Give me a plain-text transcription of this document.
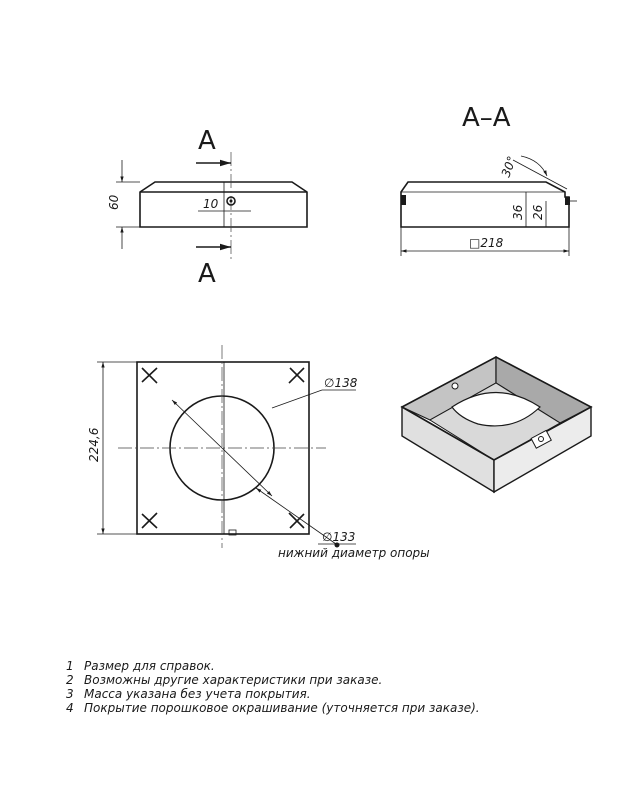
A
A
10
60
A–A
30°
36 26
□218
∅138
∅133
нижний диаметр опоры
224,6
1 Размер для справок.
2 Возможны другие характеристики при заказе.
3 Масса указана без учета покрытия.
4 Покрытие порошковое окрашивание (уточняется при заказе).
